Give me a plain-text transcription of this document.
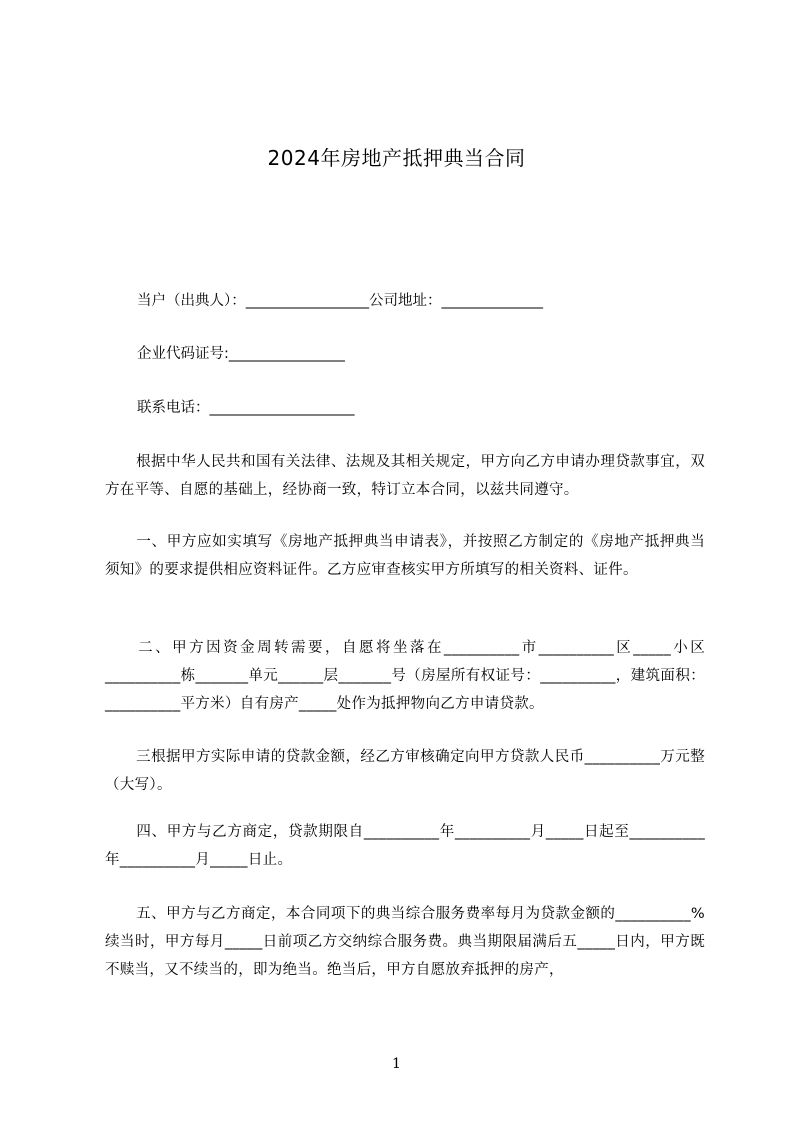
2024年房地产抵押典当合同
当户（出典人）：_________________公司地址：______________
企业代码证号:________________
联系电话：____________________
根据中华人民共和国有关法律、法规及其相关规定，甲方向乙方申请办理贷款事宜，双方在平等、自愿的基础上，经协商一致，特订立本合同，以兹共同遵守。
一、甲方应如实填写《房地产抵押典当申请表》，并按照乙方制定的《房地产抵押典当须知》的要求提供相应资料证件。乙方应审查核实甲方所填写的相关资料、证件。
二、甲方因资金周转需要，自愿将坐落在__________市__________区_____小区__________栋_______单元______层_______号（房屋所有权证号：__________，建筑面积：__________平方米）自有房产_____处作为抵押物向乙方申请贷款。
三根据甲方实际申请的贷款金额，经乙方审核确定向甲方贷款人民币__________万元整（大写）。
四、甲方与乙方商定，贷款期限自__________年__________月_____日起至__________年__________月_____日止。
五、甲方与乙方商定，本合同项下的典当综合服务费率每月为贷款金额的__________% 续当时，甲方每月_____日前项乙方交纳综合服务费。典当期限届满后五_____日内，甲方既不赎当，又不续当的，即为绝当。绝当后，甲方自愿放弃抵押的房产，
1
